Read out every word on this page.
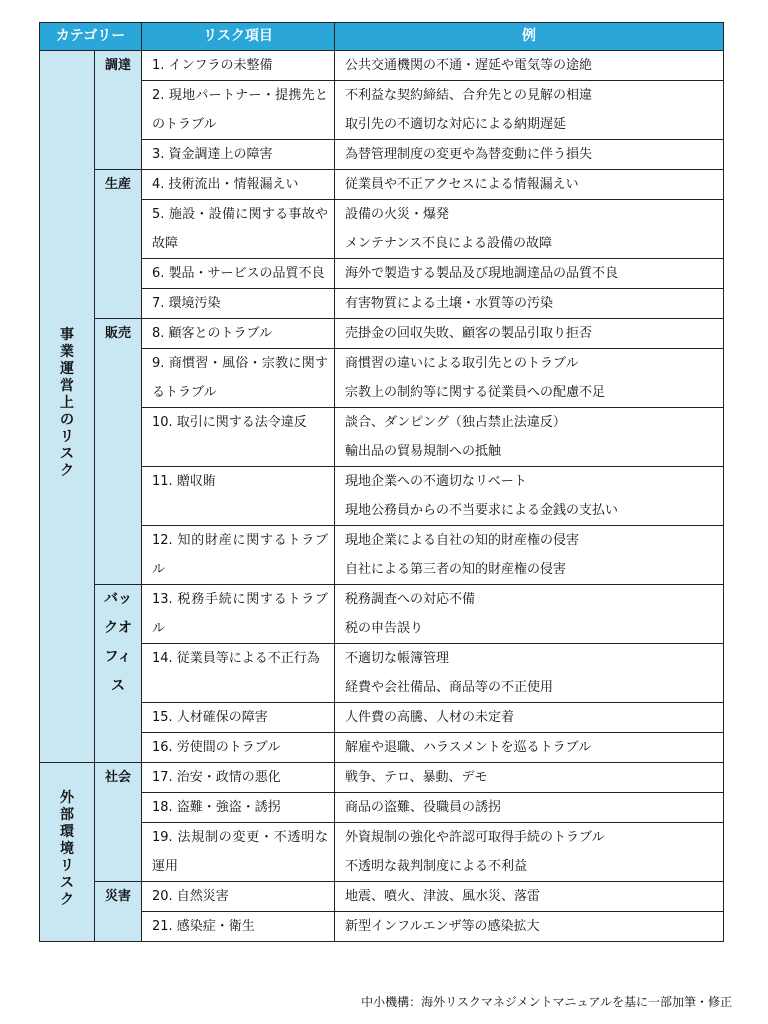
カテゴリー		リスク項目	例
事業運営上のリスク	調達	1. インフラの未整備	公共交通機関の不通・遅延や電気等の途絶

		2. 現地パートナー・提携先とのトラブル	不利益な契約締結、合弁先との見解の相違
取引先の不適切な対応による納期遅延

		3. 資金調達上の障害	為替管理制度の変更や為替変動に伴う損失

	生産	4. 技術流出・情報漏えい	従業員や不正アクセスによる情報漏えい

		5. 施設・設備に関する事故や故障	設備の火災・爆発
メンテナンス不良による設備の故障

		6. 製品・サービスの品質不良	海外で製造する製品及び現地調達品の品質不良

		7. 環境汚染	有害物質による土壌・水質等の汚染

	販売	8. 顧客とのトラブル	売掛金の回収失敗、顧客の製品引取り拒否

		9. 商慣習・風俗・宗教に関するトラブル	商慣習の違いによる取引先とのトラブル
宗教上の制約等に関する従業員への配慮不足

		10. 取引に関する法令違反	談合、ダンピング（独占禁止法違反）
輸出品の貿易規制への抵触

		11. 贈収賄	現地企業への不適切なリベート
現地公務員からの不当要求による金銭の支払い

		12. 知的財産に関するトラブル	現地企業による自社の知的財産権の侵害
自社による第三者の知的財産権の侵害

	バックオフィス	13. 税務手続に関するトラブル	税務調査への対応不備
税の申告誤り

		14. 従業員等による不正行為	不適切な帳簿管理
経費や会社備品、商品等の不正使用

		15. 人材確保の障害	人件費の高騰、人材の未定着

		16. 労使間のトラブル	解雇や退職、ハラスメントを巡るトラブル

外部環境リスク	社会	17. 治安・政情の悪化	戦争、テロ、暴動、デモ

		18. 盗難・強盗・誘拐	商品の盗難、役職員の誘拐

		19. 法規制の変更・不透明な運用	外資規制の強化や許認可取得手続のトラブル
不透明な裁判制度による不利益

	災害	20. 自然災害	地震、噴火、津波、風水災、落雷

		21. 感染症・衛生	新型インフルエンザ等の感染拡大
中小機構：海外リスクマネジメントマニュアルを基に一部加筆・修正
